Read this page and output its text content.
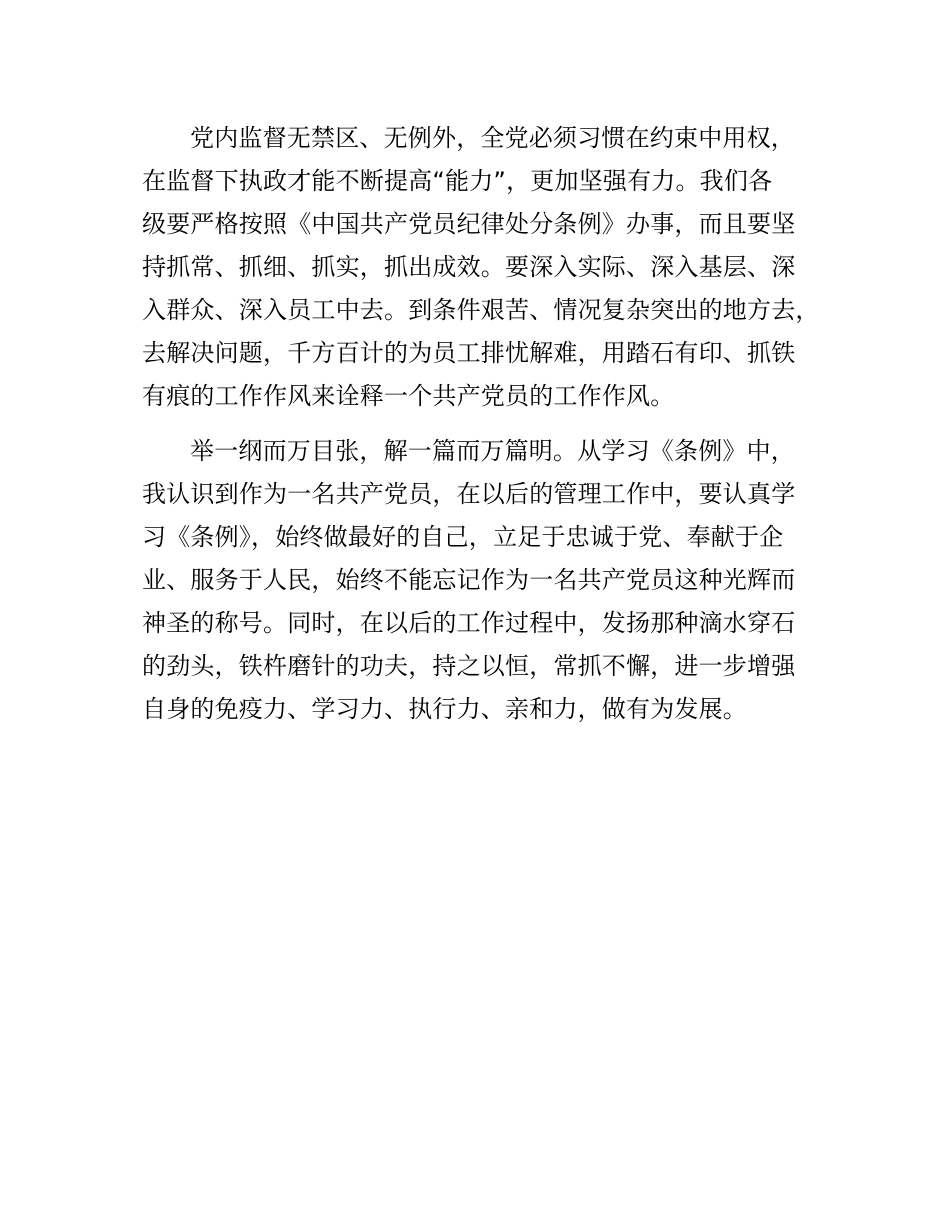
党内监督无禁区、无例外，全党必须习惯在约束中用权，
在监督下执政才能不断提高“能力”，更加坚强有力。我们各
级要严格按照《中国共产党员纪律处分条例》办事，而且要坚
持抓常、抓细、抓实，抓出成效。要深入实际、深入基层、深
入群众、深入员工中去。到条件艰苦、情况复杂突出的地方去，
去解决问题，千方百计的为员工排忧解难，用踏石有印、抓铁
有痕的工作作风来诠释一个共产党员的工作作风。
举一纲而万目张，解一篇而万篇明。从学习《条例》中，
我认识到作为一名共产党员，在以后的管理工作中，要认真学
习《条例》，始终做最好的自己，立足于忠诚于党、奉献于企
业、服务于人民，始终不能忘记作为一名共产党员这种光辉而
神圣的称号。同时，在以后的工作过程中，发扬那种滴水穿石
的劲头，铁杵磨针的功夫，持之以恒，常抓不懈，进一步增强
自身的免疫力、学习力、执行力、亲和力，做有为发展。
